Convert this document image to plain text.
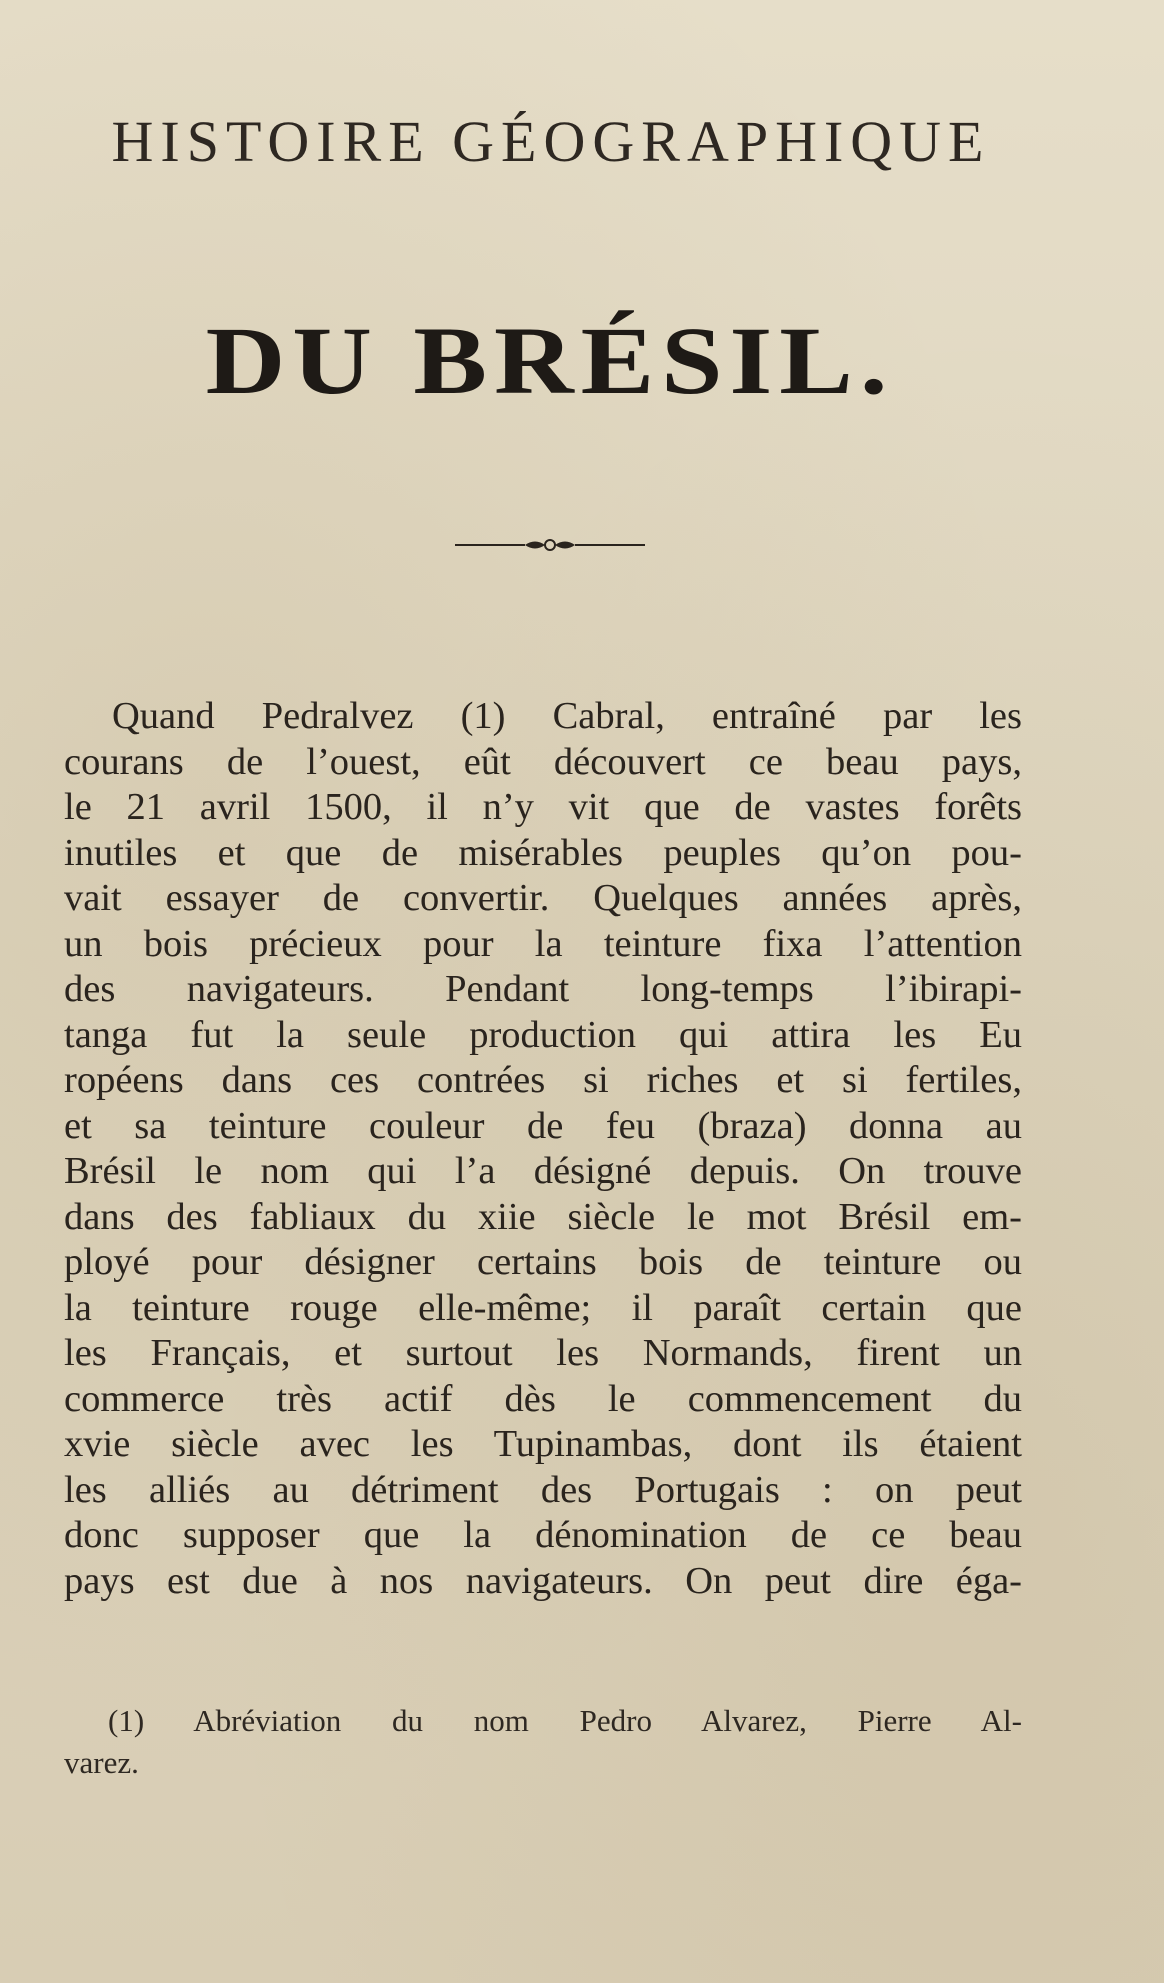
HISTOIRE GÉOGRAPHIQUE
DU BRÉSIL.
Quand Pedralvez (1) Cabral, entraîné par les
courans de l’ouest, eût découvert ce beau pays,
le 21 avril 1500, il n’y vit que de vastes forêts
inutiles et que de misérables peuples qu’on pou-
vait essayer de convertir. Quelques années après,
un bois précieux pour la teinture fixa l’attention
des navigateurs. Pendant long-temps l’ibirapi-
tanga fut la seule production qui attira les Eu
ropéens dans ces contrées si riches et si fertiles,
et sa teinture couleur de feu (braza) donna au
Brésil le nom qui l’a désigné depuis. On trouve
dans des fabliaux du xiie siècle le mot Brésil em-
ployé pour désigner certains bois de teinture ou
la teinture rouge elle-même; il paraît certain que
les Français, et surtout les Normands, firent un
commerce très actif dès le commencement du
xvie siècle avec les Tupinambas, dont ils étaient
les alliés au détriment des Portugais : on peut
donc supposer que la dénomination de ce beau
pays est due à nos navigateurs. On peut dire éga-
(1) Abréviation du nom Pedro Alvarez, Pierre Al-
varez.
